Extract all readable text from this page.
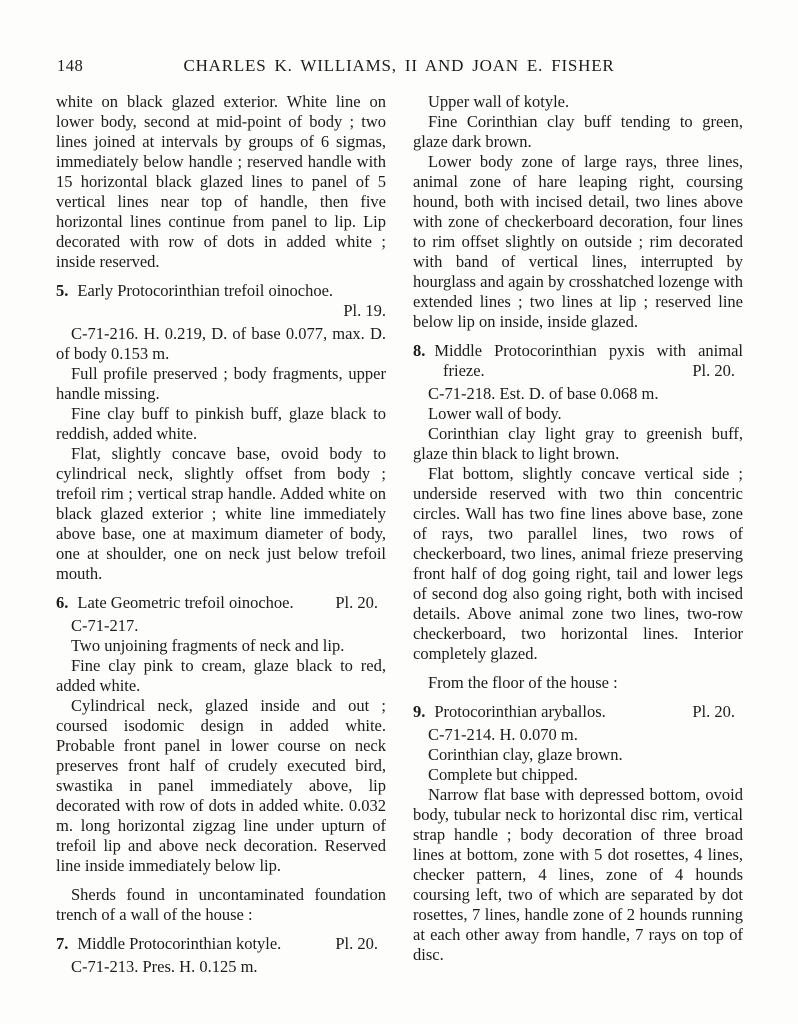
148	CHARLES K. WILLIAMS, II AND JOAN E. FISHER

white on black glazed exterior. White line on lower body, second at mid-point of body ; two lines joined at intervals by groups of 6 sigmas, immediately below handle ; reserved handle with 15 horizontal black glazed lines to panel of 5 vertical lines near top of handle, then five horizontal lines continue from panel to lip. Lip decorated with row of dots in added white ; inside reserved.

5. Early Protocorinthian trefoil oinochoe.
Pl. 19.

C-71-216. H. 0.219, D. of base 0.077, max. D. of body 0.153 m.

Full profile preserved ; body fragments, upper handle missing.

Fine clay buff to pinkish buff, glaze black to reddish, added white.

Flat, slightly concave base, ovoid body to cylindrical neck, slightly offset from body ; trefoil rim ; vertical strap handle. Added white on black glazed exterior ; white line immediately above base, one at maximum diameter of body, one at shoulder, one on neck just below trefoil mouth.

6. Late Geometric trefoil oinochoe.	Pl. 20.

C-71-217.

Two unjoining fragments of neck and lip.

Fine clay pink to cream, glaze black to red, added white.

Cylindrical neck, glazed inside and out ; coursed isodomic design in added white. Probable front panel in lower course on neck preserves front half of crudely executed bird, swastika in panel immediately above, lip decorated with row of dots in added white. 0.032 m. long horizontal zigzag line under upturn of trefoil lip and above neck decoration. Reserved line inside immediately below lip.

Sherds found in uncontaminated foundation trench of a wall of the house :

7. Middle Protocorinthian kotyle.	Pl. 20.

C-71-213. Pres. H. 0.125 m.

Upper wall of kotyle.

Fine Corinthian clay buff tending to green, glaze dark brown.

Lower body zone of large rays, three lines, animal zone of hare leaping right, coursing hound, both with incised detail, two lines above with zone of checkerboard decoration, four lines to rim offset slightly on outside ; rim decorated with band of vertical lines, interrupted by hourglass and again by crosshatched lozenge with extended lines ; two lines at lip ; reserved line below lip on inside, inside glazed.

8. Middle Protocorinthian pyxis with animal frieze.	Pl. 20.

C-71-218. Est. D. of base 0.068 m.

Lower wall of body.

Corinthian clay light gray to greenish buff, glaze thin black to light brown.

Flat bottom, slightly concave vertical side ; underside reserved with two thin concentric circles. Wall has two fine lines above base, zone of rays, two parallel lines, two rows of checkerboard, two lines, animal frieze preserving front half of dog going right, tail and lower legs of second dog also going right, both with incised details. Above animal zone two lines, two-row checkerboard, two horizontal lines. Interior completely glazed.

From the floor of the house :

9. Protocorinthian aryballos.	Pl. 20.

C-71-214. H. 0.070 m.

Corinthian clay, glaze brown.

Complete but chipped.

Narrow flat base with depressed bottom, ovoid body, tubular neck to horizontal disc rim, vertical strap handle ; body decoration of three broad lines at bottom, zone with 5 dot rosettes, 4 lines, checker pattern, 4 lines, zone of 4 hounds coursing left, two of which are separated by dot rosettes, 7 lines, handle zone of 2 hounds running at each other away from handle, 7 rays on top of disc.
